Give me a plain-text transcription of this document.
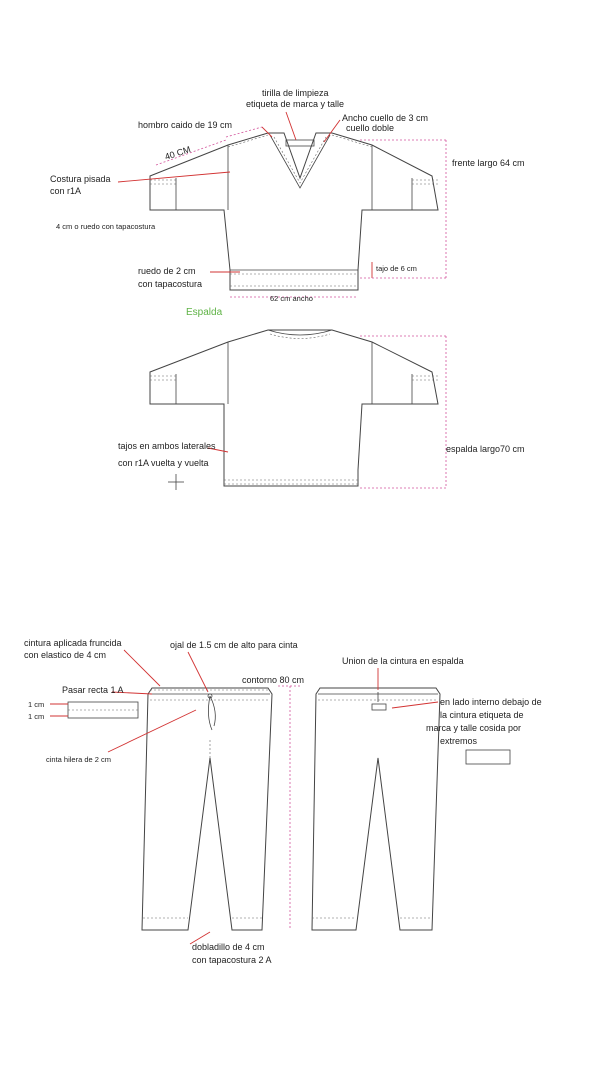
tirilla de limpieza
etiqueta de marca y talle
hombro caido de 19 cm
Ancho cuello de 3 cm
cuello doble
40 CM
Costura pisada
con r1A
4 cm o ruedo con tapacostura
frente largo 64 cm
ruedo de 2 cm
con tapacostura
tajo de 6 cm
62 cm ancho
Espalda
tajos en ambos laterales
con r1A vuelta y vuelta
espalda largo70 cm
cintura aplicada fruncida
con elastico de 4 cm
ojal de 1.5 cm de alto para cinta
contorno 80 cm
Union de la cintura en espalda
Pasar recta 1 A
1 cm
1 cm
cinta hilera de 2 cm
dobladillo de 4 cm
con tapacostura 2 A
en lado interno debajo de
la cintura etiqueta de
marca y talle cosida por
extremos
